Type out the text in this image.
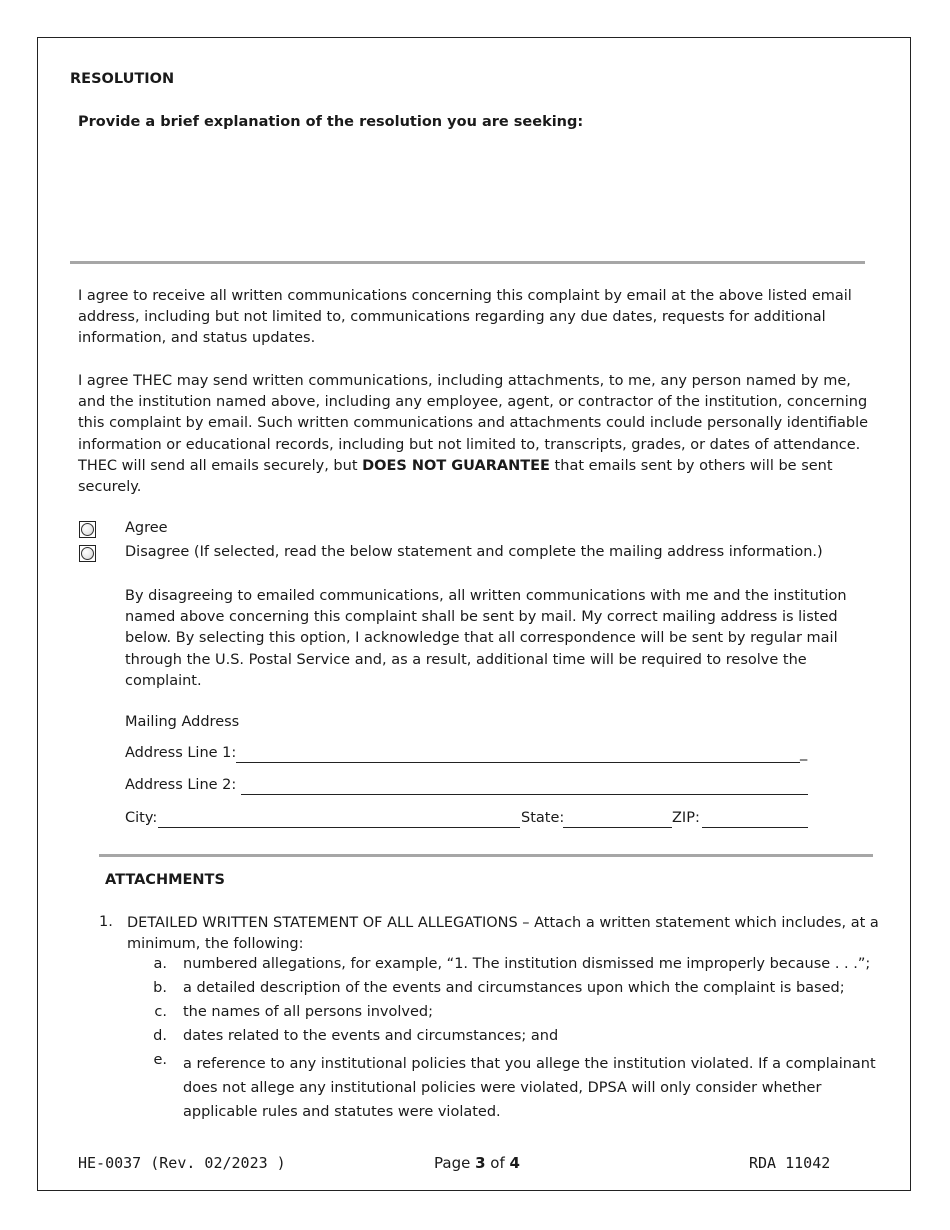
RESOLUTION
Provide a brief explanation of the resolution you are seeking:
I agree to receive all written communications concerning this complaint by email at the above listed email address, including but not limited to, communications regarding any due dates, requests for additional information, and status updates.
I agree THEC may send written communications, including attachments, to me, any person named by me, and the institution named above, including any employee, agent, or contractor of the institution, concerning this complaint by email. Such written communications and attachments could include personally identifiable information or educational records, including but not limited to, transcripts, grades, or dates of attendance. THEC will send all emails securely, but DOES NOT GUARANTEE that emails sent by others will be sent securely.
Agree
Disagree (If selected, read the below statement and complete the mailing address information.)
By disagreeing to emailed communications, all written communications with me and the institution named above concerning this complaint shall be sent by mail. My correct mailing address is listed below. By selecting this option, I acknowledge that all correspondence will be sent by regular mail through the U.S. Postal Service and, as a result, additional time will be required to resolve the complaint.
Mailing Address
Address Line 1:	_
Address Line 2:
City:	State:	ZIP:
ATTACHMENTS
1. DETAILED WRITTEN STATEMENT OF ALL ALLEGATIONS – Attach a written statement which includes, at a minimum, the following:
a. numbered allegations, for example, “1. The institution dismissed me improperly because . . .”;
b. a detailed description of the events and circumstances upon which the complaint is based;
c. the names of all persons involved;
d. dates related to the events and circumstances; and
e. a reference to any institutional policies that you allege the institution violated. If a complainant does not allege any institutional policies were violated, DPSA will only consider whether applicable rules and statutes were violated.
HE-0037 (Rev. 02/2023 )	Page 3 of 4	RDA 11042
